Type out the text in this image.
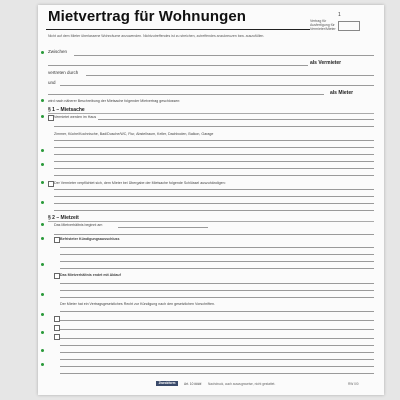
Mietvertrag für Wohnungen	Vertrag für Ausfertigung für Vermieter/Mieter
1
Nicht auf dem Mieter überlassene Wohnräume anzuwenden. Nichtzutreffendes ist zu streichen, zutreffendes anzukreuzen bzw. auszufüllen.
Zwischen
als Vermieter
vertreten durch
und
als Mieter
wird nach näherer Beschreibung der Mietsache folgender Mietvertrag geschlossen:
§ 1 – Mietsache
Vermietet werden im Haus
Zimmer, Küche/Kochnische, Bad/Dusche/WC, Flur, Abstellraum, Keller, Dachboden, Balkon, Garage
Der Vermieter verpflichtet sich, dem Mieter bei Übergabe der Mietsache folgende Schlüssel auszuhändigen:
§ 2 – Mietzeit
Das Mietverhältnis beginnt am
Befristeter Kündigungsausschluss
Das Mietverhältnis endet mit Ablauf
Der Mieter hat ein Vertragsgesetzliches Recht zur Kündigung nach den gesetzlichen Vorschriften.
Zweckform	Art. 10 #### Nachdruck, auch auszugsweise, nicht gestattet.	RW 0/0
